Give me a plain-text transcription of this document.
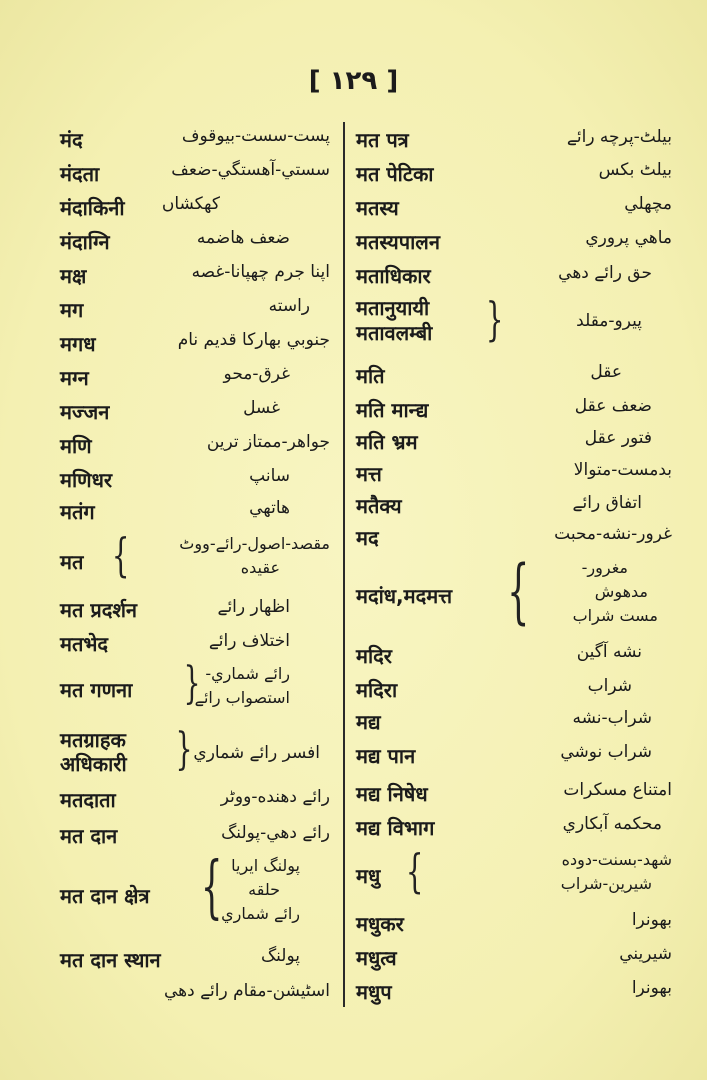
[ ۱۲۹ ]
मंद	پست-سست-بيوقوف
मंदता	سستي-آهستگي-ضعف
मंदाकिनी كهكشاں
मंदाग्नि	ضعف هاضمه
मक्ष	اپنا جرم چهپانا-غصه
मग	راسته
मगध	جنوبي بهاركا قديم نام
मग्न	غرق-محو
मज्जन	غسل
मणि	جواهر-ممتاز ترين
मणिधर	سانپ
मतंग	هاتهي
मत {	مقصد-اصول-رائے-ووٹ
عقيده
मत प्रदर्शन	اظهار رائے
मतभेद	اختلاف رائے
मत गणना } رائے شماري-
استصواب رائے
मतग्राहक
अधिकारी } افسر رائے شماري
मतदाता	رائے دهنده-ووٹر
मत दान	رائے دهي-پولنگ
मत दान क्षेत्र { پولنگ ايريا
حلقه
رائے شماري
मत दान स्थान	پولنگ
اسٹيشن-مقام رائے دهي
मत पत्र	بيلٹ-پرچه رائے
मत पेटिका	بيلٹ بكس
मतस्य	مچهلي
मतस्यपालन	ماهي پروري
मताधिकार	حق رائے دهي
मतानुयायी
मतावलम्बी }	پيرو-مقلد
मति	عقل
मति मान्द्य	ضعف عقل
मति भ्रम	فتور عقل
मत्त	بدمست-متوالا
मतैक्य	اتفاق رائے
मद	غرور-نشه-محبت
मदांध,मदमत्त {	مغرور-
مدهوش
مست شراب
मदिर	نشه آگين
मदिरा	شراب
मद्य	شراب-نشه
मद्य पान	شراب نوشي
मद्य निषेध	امتناع مسكرات
मद्य विभाग	محكمه آبكاري
मधु {	شهد-بسنت-دوده
شيرين-شراب
मधुकर	بهونرا
मधुत्व	شيريني
मधुप	بهونرا
